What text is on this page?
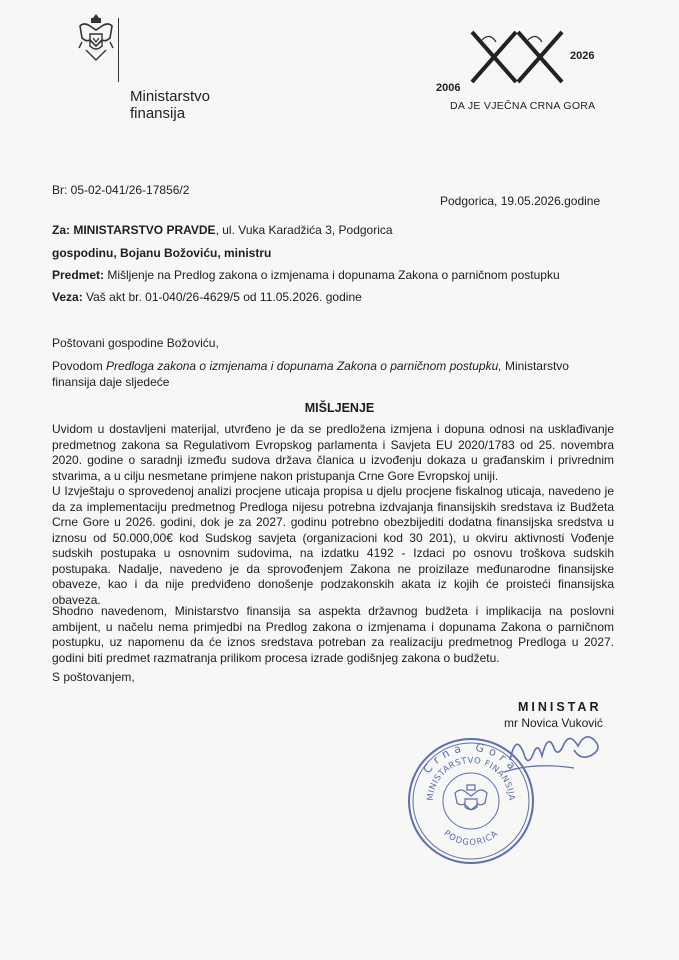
Ministarstvo
finansija
2006
2026
DA JE VJEČNA CRNA GORA
Br: 05-02-041/26-17856/2
Podgorica, 19.05.2026.godine
Za: MINISTARSTVO PRAVDE, ul. Vuka Karadžića 3, Podgorica
gospodinu, Bojanu Božoviću, ministru
Predmet: Mišljenje na Predlog zakona o izmjenama i dopunama Zakona o parničnom postupku
Veza: Vaš akt br. 01-040/26-4629/5 od 11.05.2026. godine
Poštovani gospodine Božoviću,
Povodom Predloga zakona o izmjenama i dopunama Zakona o parničnom postupku, Ministarstvo finansija daje sljedeće
MIŠLJENJE
Uvidom u dostavljeni materijal, utvrđeno je da se predložena izmjena i dopuna odnosi na usklađivanje predmetnog zakona sa Regulativom Evropskog parlamenta i Savjeta EU 2020/1783 od 25. novembra 2020. godine o saradnji između sudova država članica u izvođenju dokaza u građanskim i privrednim stvarima, a u cilju nesmetane primjene nakon pristupanja Crne Gore Evropskoj uniji.
U Izvještaju o sprovedenoj analizi procjene uticaja propisa u djelu procjene fiskalnog uticaja, navedeno je da za implementaciju predmetnog Predloga nijesu potrebna izdvajanja finansijskih sredstava iz Budžeta Crne Gore u 2026. godini, dok je za 2027. godinu potrebno obezbijediti dodatna finansijska sredstva u iznosu od 50.000,00€ kod Sudskog savjeta (organizacioni kod 30 201), u okviru aktivnosti Vođenje sudskih postupaka u osnovnim sudovima, na izdatku 4192 - Izdaci po osnovu troškova sudskih postupaka. Nadalje, navedeno je da sprovođenjem Zakona ne proizilaze međunarodne finansijske obaveze, kao i da nije predviđeno donošenje podzakonskih akata iz kojih će proisteći finansijska obaveza.
Shodno navedenom, Ministarstvo finansija sa aspekta državnog budžeta i implikacija na poslovni ambijent, u načelu nema primjedbi na Predlog zakona o izmjenama i dopunama Zakona o parničnom postupku, uz napomenu da će iznos sredstava potreban za realizaciju predmetnog Predloga u 2027. godini biti predmet razmatranja prilikom procesa izrade godišnjeg zakona o budžetu.
S poštovanjem,
MINISTAR
mr Novica Vuković
Crna Gora
MINISTARSTVO FINANSIJA
PODGORICA
